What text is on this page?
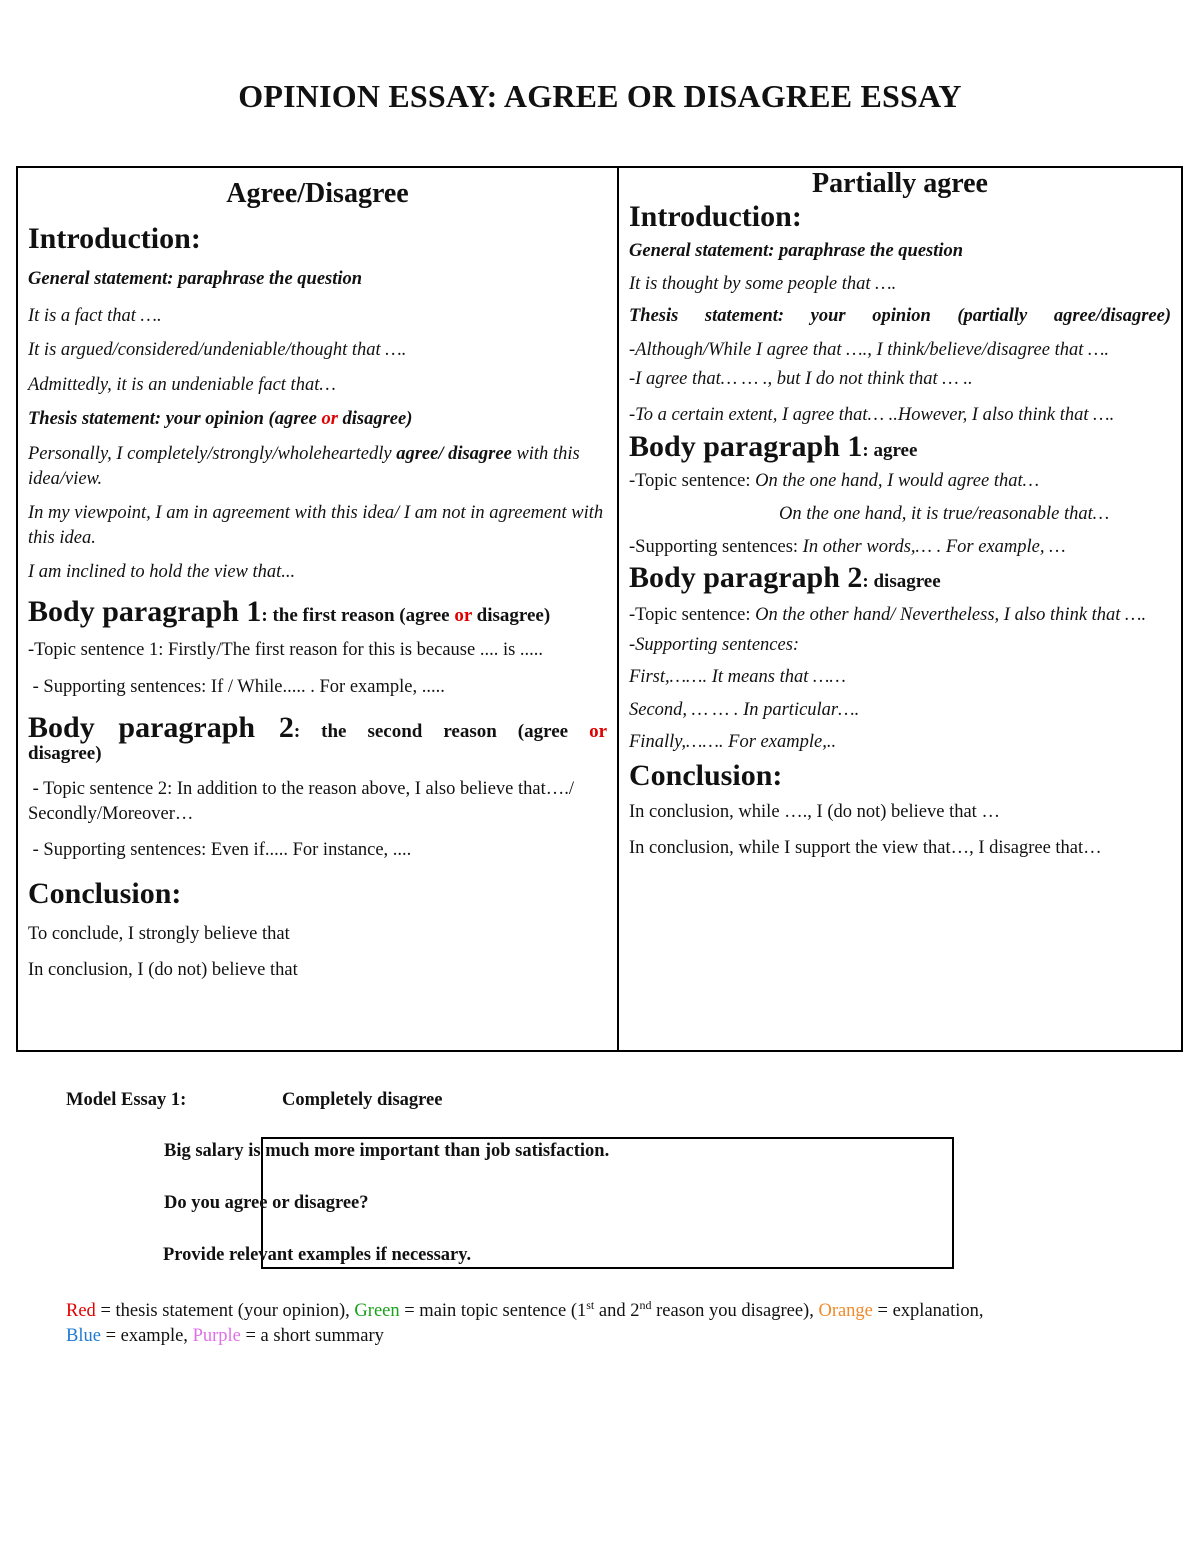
OPINION ESSAY: AGREE OR DISAGREE ESSAY
Agree/Disagree
Introduction:

General statement: paraphrase the question

It is a fact that ….

It is argued/considered/undeniable/thought that ….

Admittedly, it is an undeniable fact that…

Thesis statement: your opinion (agree or disagree)

Personally, I completely/strongly/wholeheartedly agree/ disagree with this idea/view.

In my viewpoint, I am in agreement with this idea/ I am not in agreement with this idea.

I am inclined to hold the view that...

Body paragraph 1: the first reason (agree or disagree)

-Topic sentence 1: Firstly/The first reason for this is because .... is .....

- Supporting sentences: If / While..... . For example, .....

Body paragraph 2: the second reason (agree or
disagree)

- Topic sentence 2: In addition to the reason above, I also believe that…./ Secondly/Moreover…

- Supporting sentences: Even if..... For instance, ....

Conclusion:

To conclude, I strongly believe that

In conclusion, I (do not) believe that

Partially agree
Introduction:

General statement: paraphrase the question

It is thought by some people that ….

Thesis statement: your opinion (partially agree/disagree)

-Although/While I agree that …., I think/believe/disagree that ….

-I agree that… … ., but I do not think that … ..

-To a certain extent, I agree that… ..However, I also think that ….

Body paragraph 1: agree

-Topic sentence: On the one hand, I would agree that…

On the one hand, it is true/reasonable that…

-Supporting sentences: In other words,… . For example, …

Body paragraph 2: disagree

-Topic sentence: On the other hand/ Nevertheless, I also think that ….

-Supporting sentences:

First,……. It means that ……

Second, … … . In particular….

Finally,……. For example,..

Conclusion:

In conclusion, while …., I (do not) believe that …

In conclusion, while I support the view that…, I disagree that…

Model Essay 1:	Completely disagree
Big salary is much more important than job satisfaction.
Do you agree or disagree?
Provide relevant examples if necessary.
Red = thesis statement (your opinion), Green = main topic sentence (1st and 2nd reason you disagree), Orange = explanation,
Blue = example, Purple = a short summary
